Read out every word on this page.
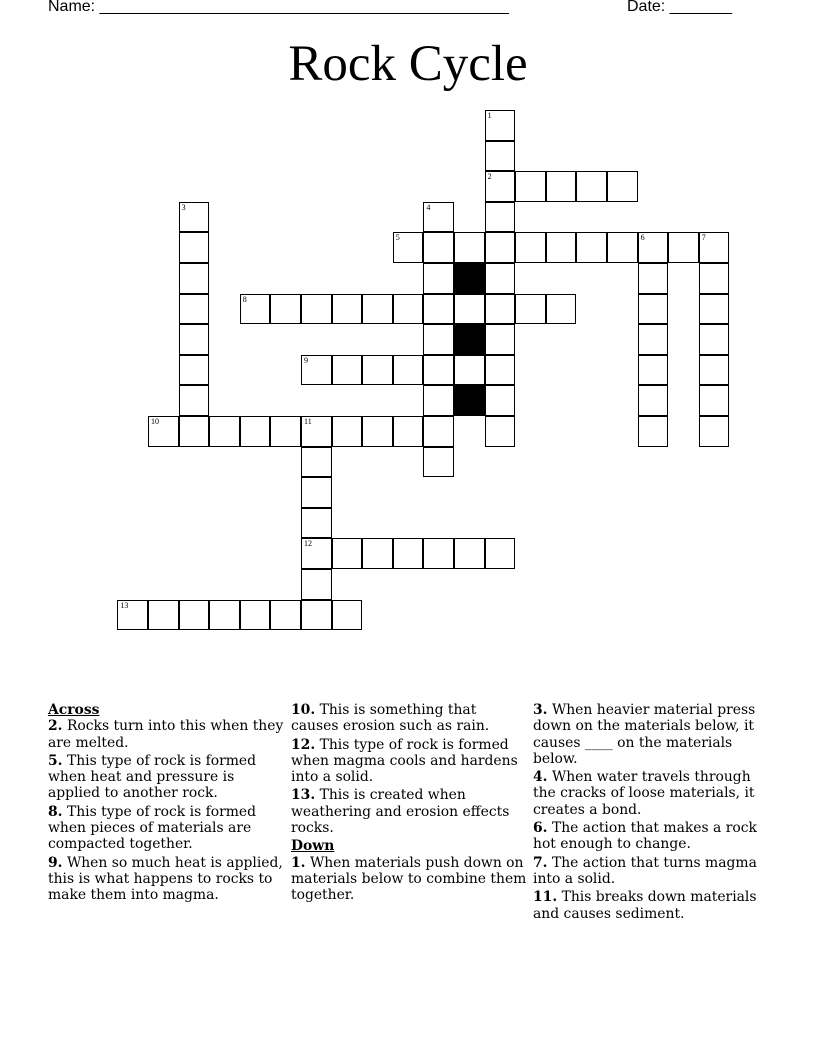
Name: ______________________________________________	Date: _______
Rock Cycle
1
2
3	4
5	6	7
8
9
10	11
12
13
Across
2. Rocks turn into this when they are melted.
5. This type of rock is formed when heat and pressure is applied to another rock.
8. This type of rock is formed when pieces of materials are compacted together.
9. When so much heat is applied, this is what happens to rocks to make them into magma.
10. This is something that causes erosion such as rain.
12. This type of rock is formed when magma cools and hardens into a solid.
13. This is created when weathering and erosion effects rocks.
Down
1. When materials push down on materials below to combine them together.
3. When heavier material press down on the materials below, it causes ____ on the materials below.
4. When water travels through the cracks of loose materials, it creates a bond.
6. The action that makes a rock hot enough to change.
7. The action that turns magma into a solid.
11. This breaks down materials and causes sediment.
